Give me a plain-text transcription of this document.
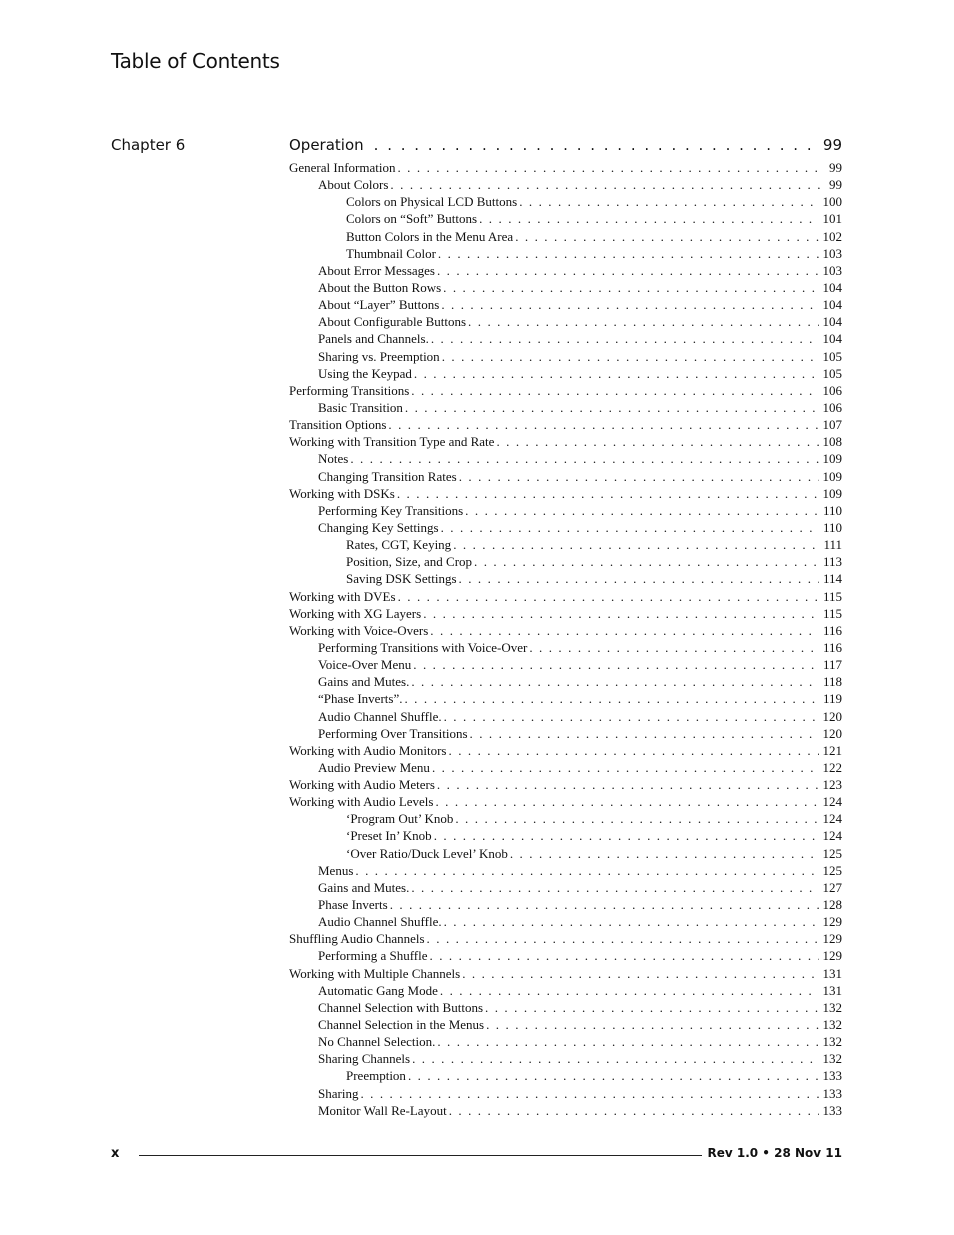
Table of Contents
Chapter 6	Operation . . .	99
General Information . . .	99
About Colors . . .	99
Colors on Physical LCD Buttons . . .	100
Colors on “Soft” Buttons . . .	101
Button Colors in the Menu Area . . .	102
Thumbnail Color . . .	103
About Error Messages . . .	103
About the Button Rows . . .	104
About “Layer” Buttons . . .	104
About Configurable Buttons . . .	104
Panels and Channels. . . .	104
Sharing vs. Preemption . . .	105
Using the Keypad . . .	105
Performing Transitions . . .	106
Basic Transition . . .	106
Transition Options . . .	107
Working with Transition Type and Rate . . .	108
Notes . . .	109
Changing Transition Rates . . .	109
Working with DSKs . . .	109
Performing Key Transitions . . .	110
Changing Key Settings . . .	110
Rates, CGT, Keying . . .	111
Position, Size, and Crop . . .	113
Saving DSK Settings . . .	114
Working with DVEs . . .	115
Working with XG Layers . . .	115
Working with Voice-Overs . . .	116
Performing Transitions with Voice-Over . . .	116
Voice-Over Menu . . .	117
Gains and Mutes. . . .	118
“Phase Inverts”. . . .	119
Audio Channel Shuffle. . . .	120
Performing Over Transitions . . .	120
Working with Audio Monitors . . .	121
Audio Preview Menu . . .	122
Working with Audio Meters . . .	123
Working with Audio Levels . . .	124
‘Program Out’ Knob . . .	124
‘Preset In’ Knob . . .	124
‘Over Ratio/Duck Level’ Knob . . .	125
Menus . . .	125
Gains and Mutes. . . .	127
Phase Inverts . . .	128
Audio Channel Shuffle. . . .	129
Shuffling Audio Channels . . .	129
Performing a Shuffle . . .	129
Working with Multiple Channels . . .	131
Automatic Gang Mode . . .	131
Channel Selection with Buttons . . .	132
Channel Selection in the Menus . . .	132
No Channel Selection. . . .	132
Sharing Channels . . .	132
Preemption . . .	133
Sharing . . .	133
Monitor Wall Re-Layout . . .	133
x	Rev 1.0 • 28 Nov 11
